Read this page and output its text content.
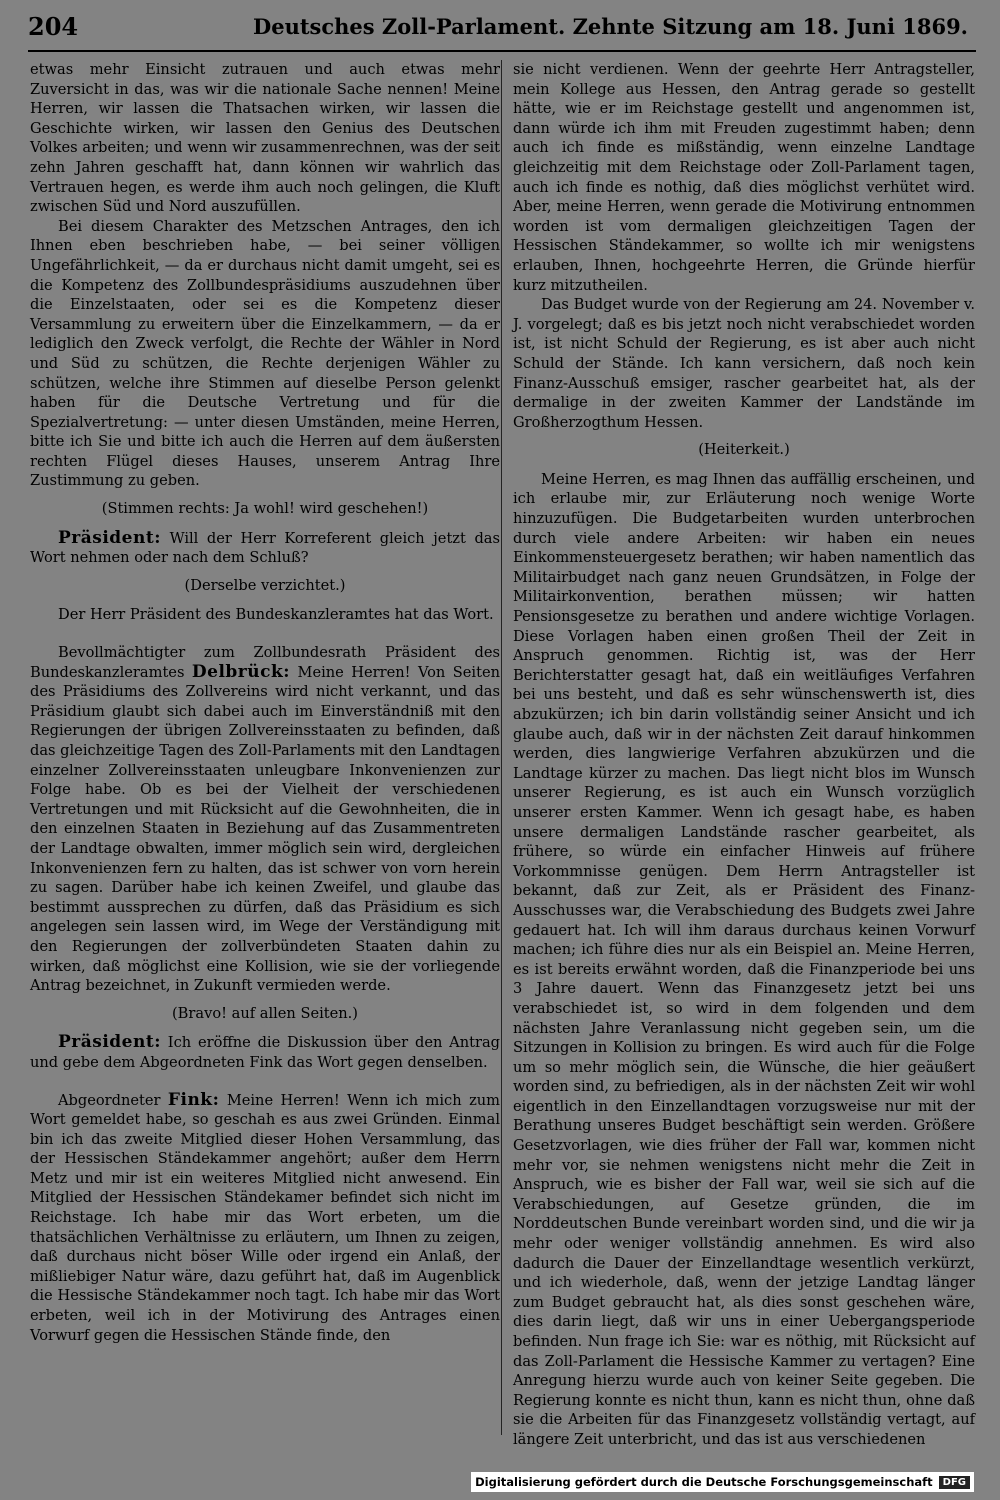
204	Deutsches Zoll-Parlament. Zehnte Sitzung am 18. Juni 1869.

etwas mehr Einsicht zutrauen und auch etwas mehr Zuversicht in das, was wir die nationale Sache nennen! Meine Herren, wir lassen die Thatsachen wirken, wir lassen die Geschichte wirken, wir lassen den Genius des Deutschen Volkes arbeiten; und wenn wir zusammenrechnen, was der seit zehn Jahren geschafft hat, dann können wir wahrlich das Vertrauen hegen, es werde ihm auch noch gelingen, die Kluft zwischen Süd und Nord auszufüllen.

Bei diesem Charakter des Metzschen Antrages, den ich Ihnen eben beschrieben habe, — bei seiner völligen Ungefährlichkeit, — da er durchaus nicht damit umgeht, sei es die Kompetenz des Zollbundespräsidiums auszudehnen über die Einzelstaaten, oder sei es die Kompetenz dieser Versammlung zu erweitern über die Einzelkammern, — da er lediglich den Zweck verfolgt, die Rechte der Wähler in Nord und Süd zu schützen, die Rechte derjenigen Wähler zu schützen, welche ihre Stimmen auf dieselbe Person gelenkt haben für die Deutsche Vertretung und für die Spezialvertretung: — unter diesen Umständen, meine Herren, bitte ich Sie und bitte ich auch die Herren auf dem äußersten rechten Flügel dieses Hauses, unserem Antrag Ihre Zustimmung zu geben.

(Stimmen rechts: Ja wohl! wird geschehen!)

Präsident: Will der Herr Korreferent gleich jetzt das Wort nehmen oder nach dem Schluß?

(Derselbe verzichtet.)

Der Herr Präsident des Bundeskanzleramtes hat das Wort.

Bevollmächtigter zum Zollbundesrath Präsident des Bundeskanzleramtes Delbrück: Meine Herren! Von Seiten des Präsidiums des Zollvereins wird nicht verkannt, und das Präsidium glaubt sich dabei auch im Einverständniß mit den Regierungen der übrigen Zollvereinsstaaten zu befinden, daß das gleichzeitige Tagen des Zoll-Parlaments mit den Landtagen einzelner Zollvereinsstaaten unleugbare Inkonvenienzen zur Folge habe. Ob es bei der Vielheit der verschiedenen Vertretungen und mit Rücksicht auf die Gewohnheiten, die in den einzelnen Staaten in Beziehung auf das Zusammentreten der Landtage obwalten, immer möglich sein wird, dergleichen Inkonvenienzen fern zu halten, das ist schwer von vorn herein zu sagen. Darüber habe ich keinen Zweifel, und glaube das bestimmt aussprechen zu dürfen, daß das Präsidium es sich angelegen sein lassen wird, im Wege der Verständigung mit den Regierungen der zollverbündeten Staaten dahin zu wirken, daß möglichst eine Kollision, wie sie der vorliegende Antrag bezeichnet, in Zukunft vermieden werde.

(Bravo! auf allen Seiten.)

Präsident: Ich eröffne die Diskussion über den Antrag und gebe dem Abgeordneten Fink das Wort gegen denselben.

Abgeordneter Fink: Meine Herren! Wenn ich mich zum Wort gemeldet habe, so geschah es aus zwei Gründen. Einmal bin ich das zweite Mitglied dieser Hohen Versammlung, das der Hessischen Ständekammer angehört; außer dem Herrn Metz und mir ist ein weiteres Mitglied nicht anwesend. Ein Mitglied der Hessischen Ständekamer befindet sich nicht im Reichstage. Ich habe mir das Wort erbeten, um die thatsächlichen Verhältnisse zu erläutern, um Ihnen zu zeigen, daß durchaus nicht böser Wille oder irgend ein Anlaß, der mißliebiger Natur wäre, dazu geführt hat, daß im Augenblick die Hessische Ständekammer noch tagt. Ich habe mir das Wort erbeten, weil ich in der Motivirung des Antrages einen Vorwurf gegen die Hessischen Stände finde, den

sie nicht verdienen. Wenn der geehrte Herr Antragsteller, mein Kollege aus Hessen, den Antrag gerade so gestellt hätte, wie er im Reichstage gestellt und angenommen ist, dann würde ich ihm mit Freuden zugestimmt haben; denn auch ich finde es mißständig, wenn einzelne Landtage gleichzeitig mit dem Reichstage oder Zoll-Parlament tagen, auch ich finde es nothig, daß dies möglichst verhütet wird. Aber, meine Herren, wenn gerade die Motivirung entnommen worden ist vom dermaligen gleichzeitigen Tagen der Hessischen Ständekammer, so wollte ich mir wenigstens erlauben, Ihnen, hochgeehrte Herren, die Gründe hierfür kurz mitzutheilen.

Das Budget wurde von der Regierung am 24. November v. J. vorgelegt; daß es bis jetzt noch nicht verabschiedet worden ist, ist nicht Schuld der Regierung, es ist aber auch nicht Schuld der Stände. Ich kann versichern, daß noch kein Finanz-Ausschuß emsiger, rascher gearbeitet hat, als der dermalige in der zweiten Kammer der Landstände im Großherzogthum Hessen.

(Heiterkeit.)

Meine Herren, es mag Ihnen das auffällig erscheinen, und ich erlaube mir, zur Erläuterung noch wenige Worte hinzuzufügen. Die Budgetarbeiten wurden unterbrochen durch viele andere Arbeiten: wir haben ein neues Einkommensteuergesetz berathen; wir haben namentlich das Militairbudget nach ganz neuen Grundsätzen, in Folge der Militairkonvention, berathen müssen; wir hatten Pensionsgesetze zu berathen und andere wichtige Vorlagen. Diese Vorlagen haben einen großen Theil der Zeit in Anspruch genommen. Richtig ist, was der Herr Berichterstatter gesagt hat, daß ein weitläufiges Verfahren bei uns besteht, und daß es sehr wünschenswerth ist, dies abzukürzen; ich bin darin vollständig seiner Ansicht und ich glaube auch, daß wir in der nächsten Zeit darauf hinkommen werden, dies langwierige Verfahren abzukürzen und die Landtage kürzer zu machen. Das liegt nicht blos im Wunsch unserer Regierung, es ist auch ein Wunsch vorzüglich unserer ersten Kammer. Wenn ich gesagt habe, es haben unsere dermaligen Landstände rascher gearbeitet, als frühere, so würde ein einfacher Hinweis auf frühere Vorkommnisse genügen. Dem Herrn Antragsteller ist bekannt, daß zur Zeit, als er Präsident des Finanz-Ausschusses war, die Verabschiedung des Budgets zwei Jahre gedauert hat. Ich will ihm daraus durchaus keinen Vorwurf machen; ich führe dies nur als ein Beispiel an. Meine Herren, es ist bereits erwähnt worden, daß die Finanzperiode bei uns 3 Jahre dauert. Wenn das Finanzgesetz jetzt bei uns verabschiedet ist, so wird in dem folgenden und dem nächsten Jahre Veranlassung nicht gegeben sein, um die Sitzungen in Kollision zu bringen. Es wird auch für die Folge um so mehr möglich sein, die Wünsche, die hier geäußert worden sind, zu befriedigen, als in der nächsten Zeit wir wohl eigentlich in den Einzellandtagen vorzugsweise nur mit der Berathung unseres Budget beschäftigt sein werden. Größere Gesetzvorlagen, wie dies früher der Fall war, kommen nicht mehr vor, sie nehmen wenigstens nicht mehr die Zeit in Anspruch, wie es bisher der Fall war, weil sie sich auf die Verabschiedungen, auf Gesetze gründen, die im Norddeutschen Bunde vereinbart worden sind, und die wir ja mehr oder weniger vollständig annehmen. Es wird also dadurch die Dauer der Einzellandtage wesentlich verkürzt, und ich wiederhole, daß, wenn der jetzige Landtag länger zum Budget gebraucht hat, als dies sonst geschehen wäre, dies darin liegt, daß wir uns in einer Uebergangsperiode befinden. Nun frage ich Sie: war es nöthig, mit Rücksicht auf das Zoll-Parlament die Hessische Kammer zu vertagen? Eine Anregung hierzu wurde auch von keiner Seite gegeben. Die Regierung konnte es nicht thun, kann es nicht thun, ohne daß sie die Arbeiten für das Finanzgesetz vollständig vertagt, auf längere Zeit unterbricht, und das ist aus verschiedenen

Digitalisierung gefördert durch die Deutsche Forschungsgemeinschaft	DFG
